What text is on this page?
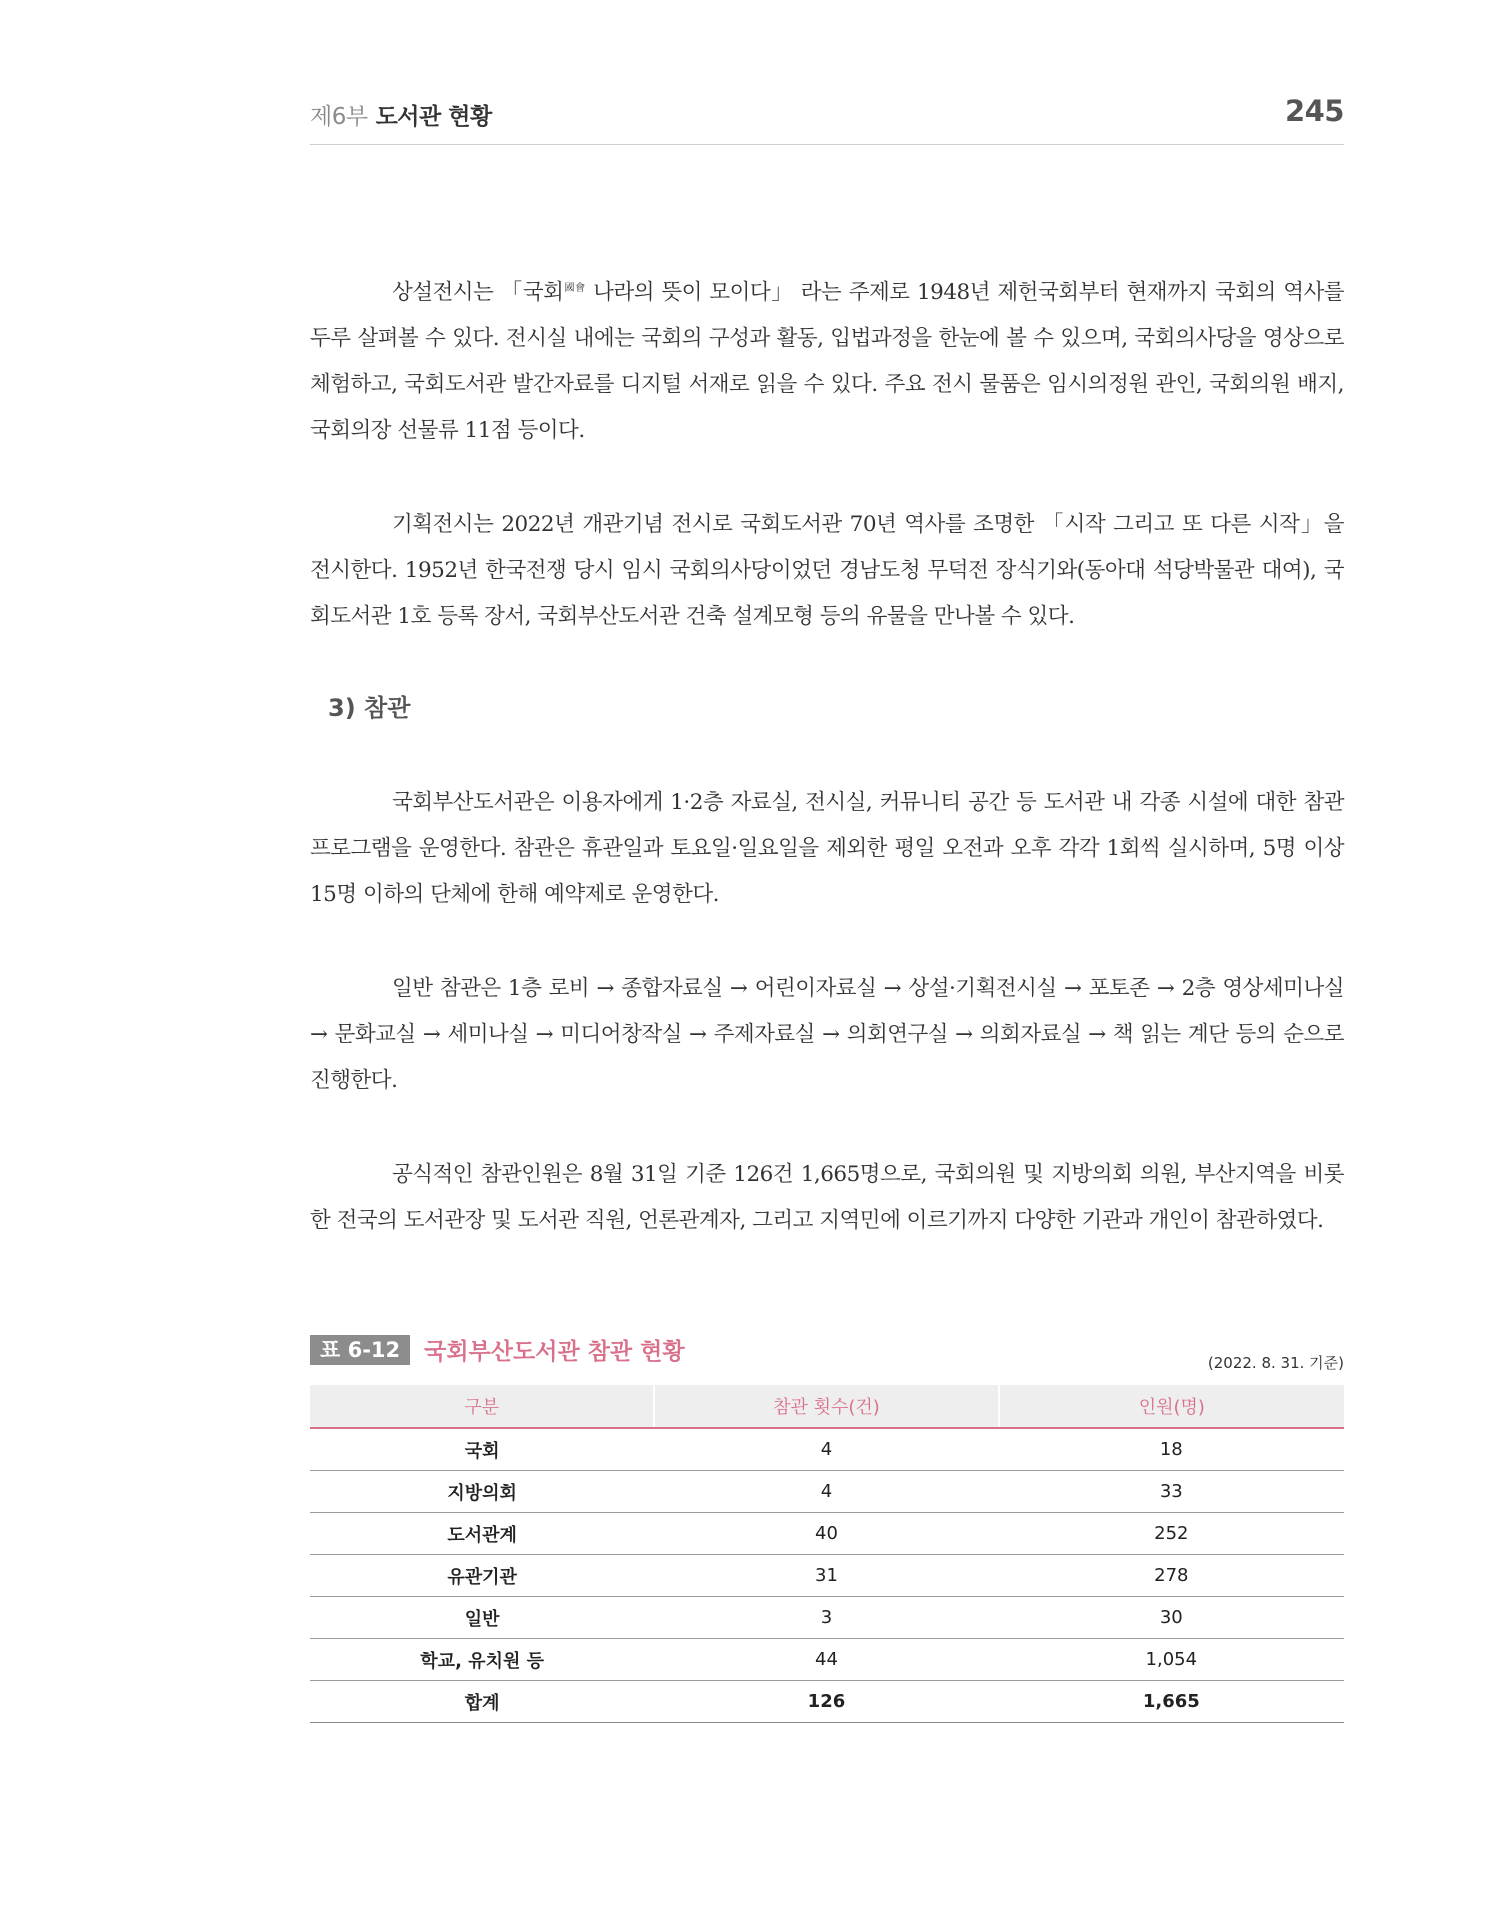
제6부 도서관 현황	245

상설전시는 「국회$^{國會}$ 나라의 뜻이 모이다」 라는 주제로 1948년 제헌국회부터 현재까지 국회의 역사를 두루 살펴볼 수 있다. 전시실 내에는 국회의 구성과 활동, 입법과정을 한눈에 볼 수 있으며, 국회의사당을 영상으로 체험하고, 국회도서관 발간자료를 디지털 서재로 읽을 수 있다. 주요 전시 물품은 임시의정원 관인, 국회의원 배지, 국회의장 선물류 11점 등이다.

기획전시는 2022년 개관기념 전시로 국회도서관 70년 역사를 조명한 「시작 그리고 또 다른 시작」을 전시한다. 1952년 한국전쟁 당시 임시 국회의사당이었던 경남도청 무덕전 장식기와(동아대 석당박물관 대여), 국회도서관 1호 등록 장서, 국회부산도서관 건축 설계모형 등의 유물을 만나볼 수 있다.

3) 참관

국회부산도서관은 이용자에게 1·2층 자료실, 전시실, 커뮤니티 공간 등 도서관 내 각종 시설에 대한 참관 프로그램을 운영한다. 참관은 휴관일과 토요일·일요일을 제외한 평일 오전과 오후 각각 1회씩 실시하며, 5명 이상 15명 이하의 단체에 한해 예약제로 운영한다.

일반 참관은 1층 로비 → 종합자료실 → 어린이자료실 → 상설·기획전시실 → 포토존 → 2층 영상세미나실 → 문화교실 → 세미나실 → 미디어창작실 → 주제자료실 → 의회연구실 → 의회자료실 → 책 읽는 계단 등의 순으로 진행한다.

공식적인 참관인원은 8월 31일 기준 126건 1,665명으로, 국회의원 및 지방의회 의원, 부산지역을 비롯한 전국의 도서관장 및 도서관 직원, 언론관계자, 그리고 지역민에 이르기까지 다양한 기관과 개인이 참관하였다.

표 6-12 국회부산도서관 참관 현황	(2022. 8. 31. 기준)
구분	참관 횟수(건)	인원(명)
국회	4	18
지방의회	4	33
도서관계	40	252
유관기관	31	278
일반	3	30
학교, 유치원 등	44	1,054
합계	126	1,665
